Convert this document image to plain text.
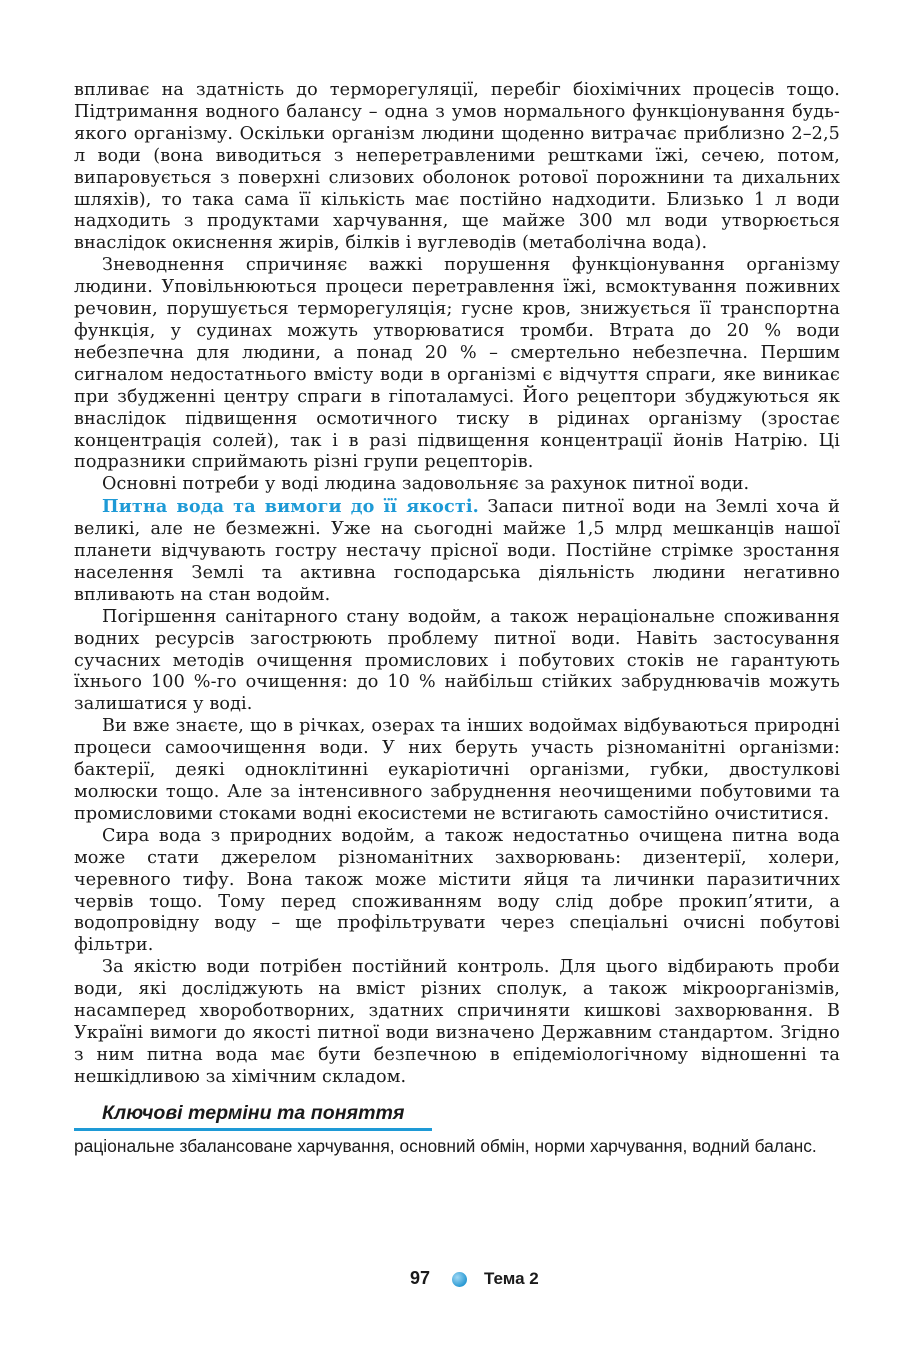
впливає на здатність до терморегуляції, перебіг біохімічних процесів тощо. Підтримання водного балансу – одна з умов нормального функціонування будь-якого організму. Оскільки організм людини щоденно витрачає приблизно 2–2,5 л води (вона виводиться з неперетравленими рештками їжі, сечею, потом, випаровується з поверхні слизових оболонок ротової порожнини та дихальних шляхів), то така сама її кількість має постійно надходити. Близько 1 л води надходить з продуктами харчування, ще майже 300 мл води утворюється внаслідок окиснення жирів, білків і вуглеводів (метаболічна вода).

Зневоднення спричиняє важкі порушення функціонування організму людини. Уповільнюються процеси перетравлення їжі, всмоктування поживних речовин, порушується терморегуляція; гусне кров, знижується її транспортна функція, у судинах можуть утворюватися тромби. Втрата до 20 % води небезпечна для людини, а понад 20 % – смертельно небезпечна. Першим сигналом недостатнього вмісту води в організмі є відчуття спраги, яке виникає при збудженні центру спраги в гіпоталамусі. Його рецептори збуджуються як внаслідок підвищення осмотичного тиску в рідинах організму (зростає концентрація солей), так і в разі підвищення концентрації йонів Натрію. Ці подразники сприймають різні групи рецепторів.

Основні потреби у воді людина задовольняє за рахунок питної води.

Питна вода та вимоги до її якості. Запаси питної води на Землі хоча й великі, але не безмежні. Уже на сьогодні майже 1,5 млрд мешканців нашої планети відчувають гостру нестачу прісної води. Постійне стрімке зростання населення Землі та активна господарська діяльність людини негативно впливають на стан водойм.

Погіршення санітарного стану водойм, а також нераціональне споживання водних ресурсів загострюють проблему питної води. Навіть застосування сучасних методів очищення промислових і побутових стоків не гарантують їхнього 100 %-го очищення: до 10 % найбільш стійких забруднювачів можуть залишатися у воді.

Ви вже знаєте, що в річках, озерах та інших водоймах відбуваються природні процеси самоочищення води. У них беруть участь різноманітні організми: бактерії, деякі одноклітинні еукаріотичні організми, губки, двостулкові молюски тощо. Але за інтенсивного забруднення неочищеними побутовими та промисловими стоками водні екосистеми не встигають самостійно очиститися.

Сира вода з природних водойм, а також недостатньо очищена питна вода може стати джерелом різноманітних захворювань: дизентерії, холери, черевного тифу. Вона також може містити яйця та личинки паразитичних червів тощо. Тому перед споживанням воду слід добре прокип’ятити, а водопровідну воду – ще профільтрувати через спеціальні очисні побутові фільтри.

За якістю води потрібен постійний контроль. Для цього відбирають проби води, які досліджують на вміст різних сполук, а також мікроорганізмів, насамперед хвороботворних, здатних спричиняти кишкові захворювання. В Україні вимоги до якості питної води визначено Державним стандартом. Згідно з ним питна вода має бути безпечною в епідеміологічному відношенні та нешкідливою за хімічним складом.

Ключові терміни та поняття
раціональне збалансоване харчування, основний обмін, норми харчування, водний баланс.
97	Тема 2
